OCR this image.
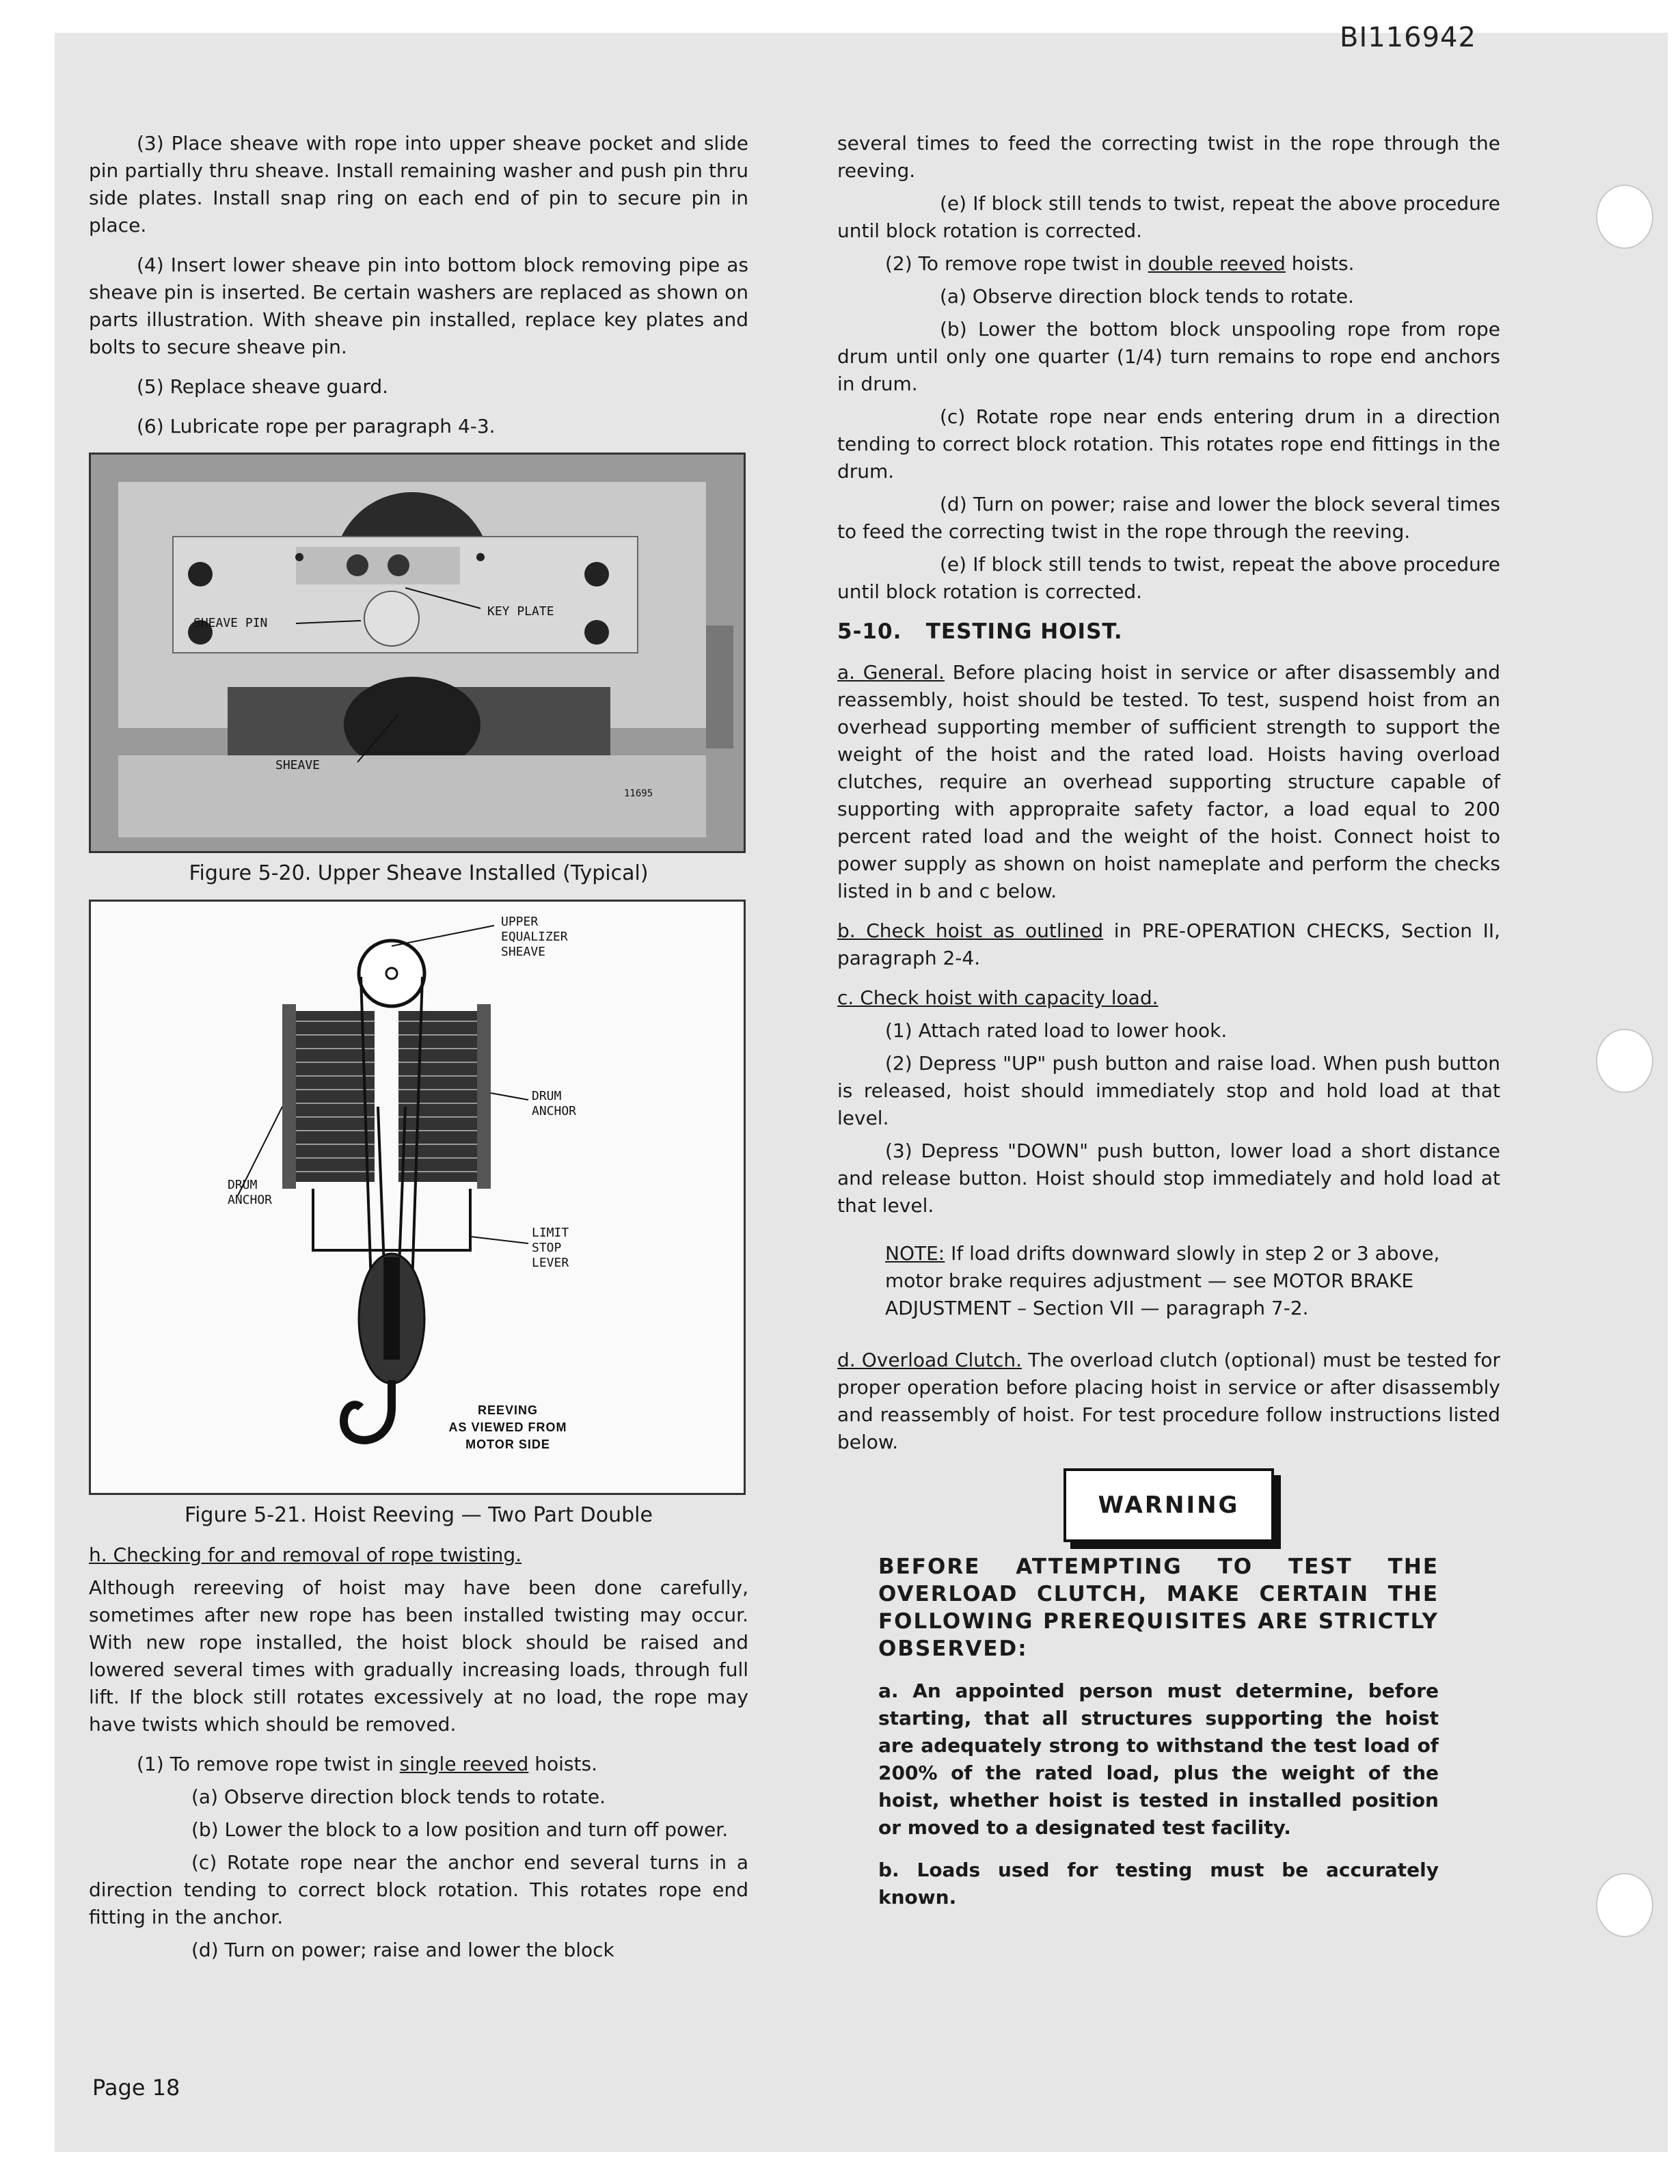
BI116942

(3) Place sheave with rope into upper sheave pocket and slide pin partially thru sheave. Install remaining washer and push pin thru side plates. Install snap ring on each end of pin to secure pin in place.

(4) Insert lower sheave pin into bottom block removing pipe as sheave pin is inserted. Be certain washers are replaced as shown on parts illustration. With sheave pin installed, replace key plates and bolts to secure sheave pin.

(5) Replace sheave guard.

(6) Lubricate rope per paragraph 4-3.

SHEAVE PIN
KEY PLATE
SHEAVE
11695
Figure 5-20. Upper Sheave Installed (Typical)
UPPER
EQUALIZER
SHEAVE
DRUM
ANCHOR
DRUM
ANCHOR
LIMIT
STOP
LEVER
REEVING
AS VIEWED FROM
MOTOR SIDE
Figure 5-21. Hoist Reeving — Two Part Double

h. Checking for and removal of rope twisting.

Although rereeving of hoist may have been done carefully, sometimes after new rope has been installed twisting may occur. With new rope installed, the hoist block should be raised and lowered several times with gradually increasing loads, through full lift. If the block still rotates excessively at no load, the rope may have twists which should be removed.

(1) To remove rope twist in single reeved hoists.

(a) Observe direction block tends to rotate.

(b) Lower the block to a low position and turn off power.

(c) Rotate rope near the anchor end several turns in a direction tending to correct block rotation. This rotates rope end fitting in the anchor.

(d) Turn on power; raise and lower the block

several times to feed the correcting twist in the rope through the reeving.

(e) If block still tends to twist, repeat the above procedure until block rotation is corrected.

(2) To remove rope twist in double reeved hoists.

(a) Observe direction block tends to rotate.

(b) Lower the bottom block unspooling rope from rope drum until only one quarter (1/4) turn remains to rope end anchors in drum.

(c) Rotate rope near ends entering drum in a direction tending to correct block rotation. This rotates rope end fittings in the drum.

(d) Turn on power; raise and lower the block several times to feed the correcting twist in the rope through the reeving.

(e) If block still tends to twist, repeat the above procedure until block rotation is corrected.

5-10. TESTING HOIST.

a. General. Before placing hoist in service or after disassembly and reassembly, hoist should be tested. To test, suspend hoist from an overhead supporting member of sufficient strength to support the weight of the hoist and the rated load. Hoists having overload clutches, require an overhead supporting structure capable of supporting with appropraite safety factor, a load equal to 200 percent rated load and the weight of the hoist. Connect hoist to power supply as shown on hoist nameplate and perform the checks listed in b and c below.

b. Check hoist as outlined in PRE-OPERATION CHECKS, Section II, paragraph 2-4.

c. Check hoist with capacity load.

(1) Attach rated load to lower hook.

(2) Depress "UP" push button and raise load. When push button is released, hoist should immediately stop and hold load at that level.

(3) Depress "DOWN" push button, lower load a short distance and release button. Hoist should stop immediately and hold load at that level.

NOTE: If load drifts downward slowly in step 2 or 3 above, motor brake requires adjustment — see MOTOR BRAKE ADJUSTMENT – Section VII — paragraph 7-2.

d. Overload Clutch. The overload clutch (optional) must be tested for proper operation before placing hoist in service or after disassembly and reassembly of hoist. For test procedure follow instructions listed below.

WARNING

BEFORE ATTEMPTING TO TEST THE OVERLOAD CLUTCH, MAKE CERTAIN THE FOLLOWING PREREQUISITES ARE STRICTLY OBSERVED:

a. An appointed person must determine, before starting, that all structures supporting the hoist are adequately strong to withstand the test load of 200% of the rated load, plus the weight of the hoist, whether hoist is tested in installed position or moved to a designated test facility.

b. Loads used for testing must be accurately known.

Page 18
